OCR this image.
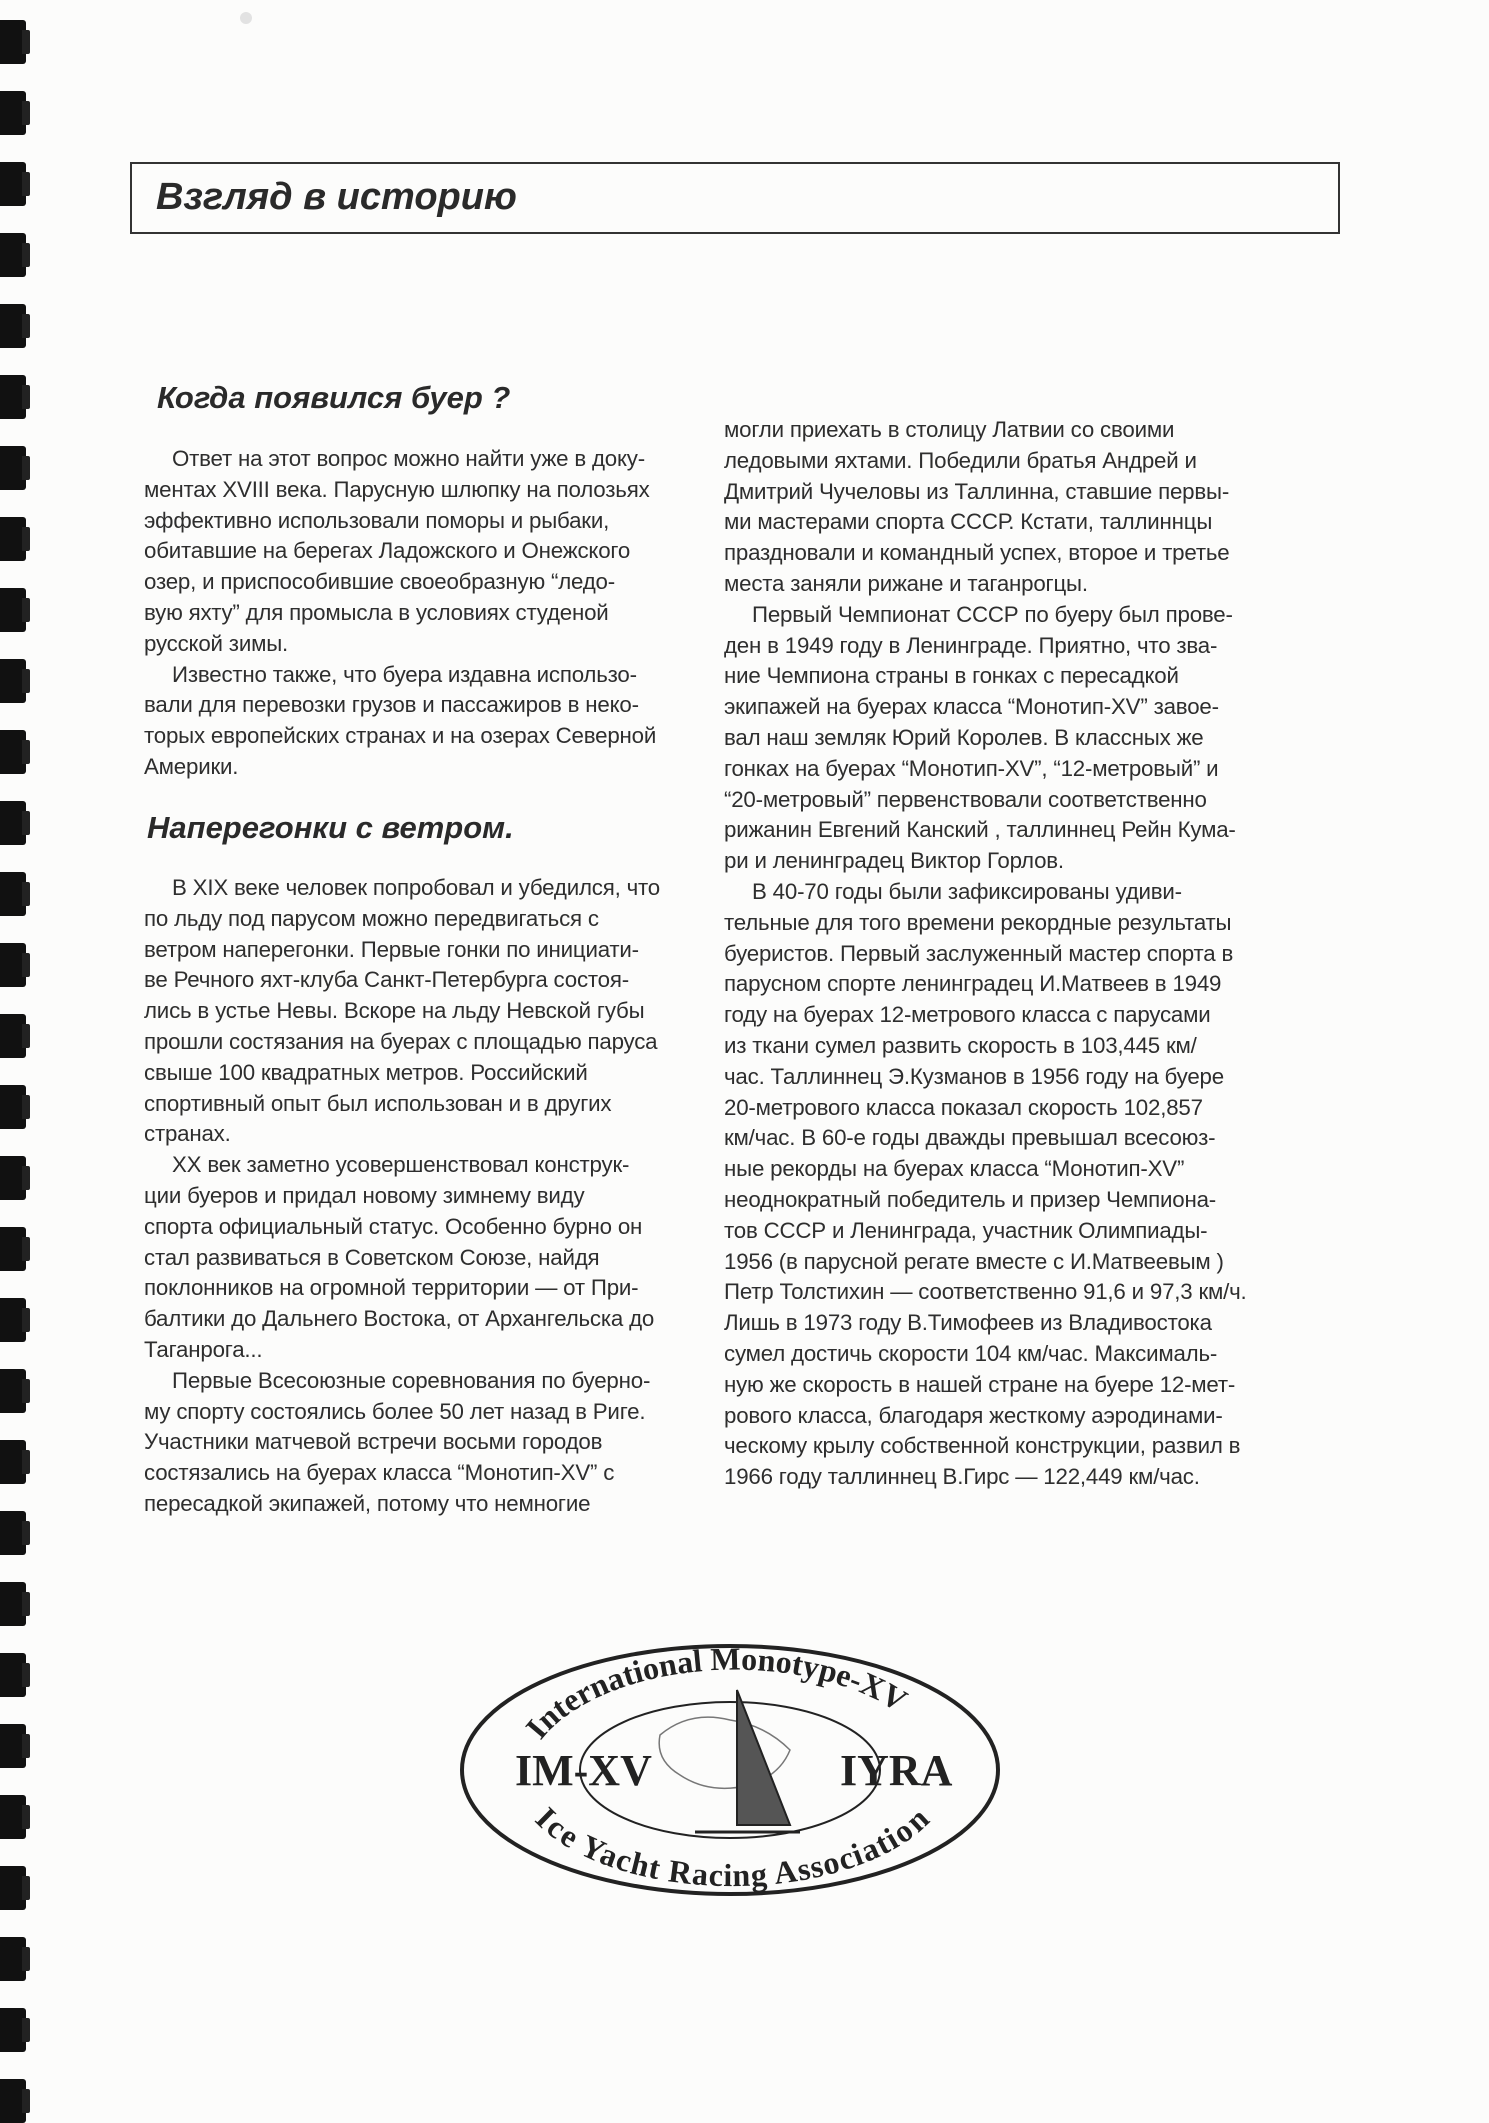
Взгляд в историю
Когда появился буер ?
Ответ на этот вопрос можно найти уже в доку-
ментах XVIII века. Парусную шлюпку на полозьях
эффективно использовали поморы и рыбаки,
обитавшие на берегах Ладожского и Онежского
озер, и приспособившие своеобразную “ледо-
вую яхту” для промысла в условиях студеной
русской зимы.
Известно также, что буера издавна использо-
вали для перевозки грузов и пассажиров в неко-
торых европейских странах и на озерах Северной
Америки.
Наперегонки с ветром.
В XIX веке человек попробовал и убедился, что
по льду под парусом можно передвигаться с
ветром наперегонки. Первые гонки по инициати-
ве Речного яхт-клуба Санкт-Петербурга состоя-
лись в устье Невы. Вскоре на льду Невской губы
прошли состязания на буерах с площадью паруса
свыше 100 квадратных метров. Российский
спортивный опыт был использован и в других
странах.
XX век заметно усовершенствовал конструк-
ции буеров и придал новому зимнему виду
спорта официальный статус. Особенно бурно он
стал развиваться в Советском Союзе, найдя
поклонников на огромной территории — от При-
балтики до Дальнего Востока, от Архангельска до
Таганрога...
Первые Всесоюзные соревнования по буерно-
му спорту состоялись более 50 лет назад в Риге.
Участники матчевой встречи восьми городов
состязались на буерах класса “Монотип-XV” с
пересадкой экипажей, потому что немногие
могли приехать в столицу Латвии со своими
ледовыми яхтами. Победили братья Андрей и
Дмитрий Чучеловы из Таллинна, ставшие первы-
ми мастерами спорта СССР. Кстати, таллиннцы
праздновали и командный успех, второе и третье
места заняли рижане и таганрогцы.
Первый Чемпионат СССР по буеру был прове-
ден в 1949 году в Ленинграде. Приятно, что зва-
ние Чемпиона страны в гонках с пересадкой
экипажей на буерах класса “Монотип-XV” завое-
вал наш земляк Юрий Королев. В классных же
гонках на буерах “Монотип-XV”, “12-метровый” и
“20-метровый” первенствовали соответственно
рижанин Евгений Канский , таллиннец Рейн Кума-
ри и ленинградец Виктор Горлов.
В 40-70 годы были зафиксированы удиви-
тельные для того времени рекордные результаты
буеристов. Первый заслуженный мастер спорта в
парусном спорте ленинградец И.Матвеев в 1949
году на буерах 12-метрового класса с парусами
из ткани сумел развить скорость в 103,445 км/
час. Таллиннец Э.Кузманов в 1956 году на буере
20-метрового класса показал скорость 102,857
км/час. В 60-е годы дважды превышал всесоюз-
ные рекорды на буерах класса “Монотип-XV”
неоднократный победитель и призер Чемпиона-
тов СССР и Ленинграда, участник Олимпиады-
1956 (в парусной регате вместе с И.Матвеевым )
Петр Толстихин — соответственно 91,6 и 97,3 км/ч.
Лишь в 1973 году В.Тимофеев из Владивостока
сумел достичь скорости 104 км/час. Максималь-
ную же скорость в нашей стране на буере 12-мет-
рового класса, благодаря жесткому аэродинами-
ческому крылу собственной конструкции, развил в
1966 году таллиннец В.Гирс — 122,449 км/час.
International Monotype-XV
Ice Yacht Racing Association
IM-XV	IYRA
